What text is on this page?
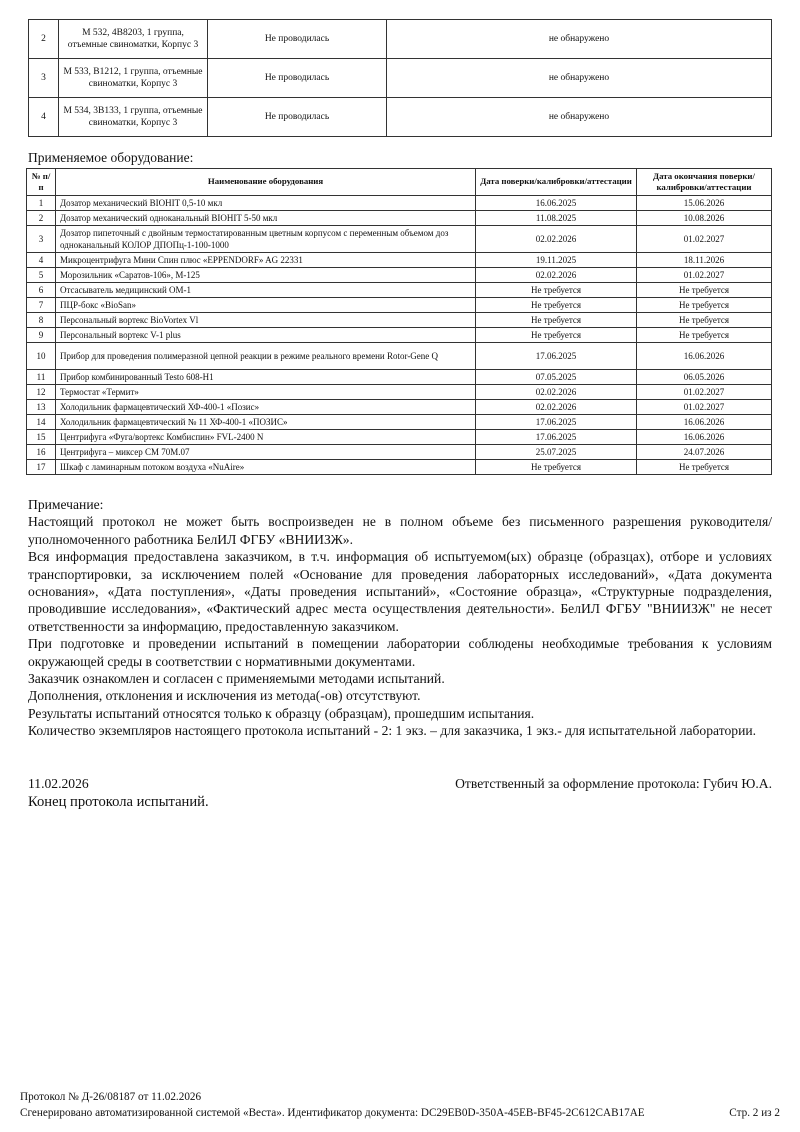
2	М 532, 4В8203, 1 группа, отъемные свиноматки, Корпус 3	Не проводилась	не обнаружено
3	М 533, В1212, 1 группа, отъемные свиноматки, Корпус 3	Не проводилась	не обнаружено
4	М 534, 3В133, 1 группа, отъемные свиноматки, Корпус 3	Не проводилась	не обнаружено
Применяемое оборудование:
№ п/п	Наименование оборудования	Дата поверки/калибровки/аттестации	Дата окончания поверки/калибровки/аттестации
1	Дозатор механический BIOHIT 0,5-10 мкл	16.06.2025	15.06.2026
2	Дозатор механический одноканальный BIOHIT 5-50 мкл	11.08.2025	10.08.2026
3	Дозатор пипеточный с двойным термостатированным цветным корпусом с переменным объемом доз одноканальный КОЛОР ДПОПц-1-100-1000	02.02.2026	01.02.2027
4	Микроцентрифуга Мини Спин плюс «EPPENDORF» AG 22331	19.11.2025	18.11.2026
5	Морозильник «Саратов-106», М-125	02.02.2026	01.02.2027
6	Отсасыватель медицинский ОМ-1	Не требуется	Не требуется
7	ПЦР-бокс «BioSan»	Не требуется	Не требуется
8	Персональный вортекс BioVortex Vl	Не требуется	Не требуется
9	Персональный вортекс V-1 plus	Не требуется	Не требуется
10	Прибор для проведения полимеразной цепной реакции в режиме реального времени Rotor-Gene Q	17.06.2025	16.06.2026
11	Прибор комбинированный Testo 608-H1	07.05.2025	06.05.2026
12	Термостат «Термит»	02.02.2026	01.02.2027
13	Холодильник фармацевтический ХФ-400-1 «Позис»	02.02.2026	01.02.2027
14	Холодильник фармацевтический № 11 ХФ-400-1 «ПОЗИС»	17.06.2025	16.06.2026
15	Центрифуга «Фуга/вортекс Комбиспин» FVL-2400 N	17.06.2025	16.06.2026
16	Центрифуга – миксер СМ 70М.07	25.07.2025	24.07.2026
17	Шкаф с ламинарным потоком воздуха «NuAire»	Не требуется	Не требуется

Примечание:

Настоящий протокол не может быть воспроизведен не в полном объеме без письменного разрешения руководителя/уполномоченного работника БелИЛ ФГБУ «ВНИИЗЖ».

Вся информация предоставлена заказчиком, в т.ч. информация об испытуемом(ых) образце (образцах), отборе и условиях транспортировки, за исключением полей «Основание для проведения лабораторных исследований», «Дата документа основания», «Дата поступления», «Даты проведения испытаний», «Состояние образца», «Структурные подразделения, проводившие исследования», «Фактический адрес места осуществления деятельности». БелИЛ ФГБУ "ВНИИЗЖ" не несет ответственности за информацию, предоставленную заказчиком.

При подготовке и проведении испытаний в помещении лаборатории соблюдены необходимые требования к условиям окружающей среды в соответствии с нормативными документами.

Заказчик ознакомлен и согласен с применяемыми методами испытаний.

Дополнения, отклонения и исключения из метода(-ов) отсутствуют.

Результаты испытаний относятся только к образцу (образцам), прошедшим испытания.

Количество экземпляров настоящего протокола испытаний - 2: 1 экз. – для заказчика, 1 экз.- для испытательной лаборатории.

11.02.2026	Ответственный за оформление протокола: Губич Ю.А.
Конец протокола испытаний.
Протокол № Д-26/08187 от 11.02.2026
Сгенерировано автоматизированной системой «Веста». Идентификатор документа: DC29EB0D-350A-45EB-BF45-2C612CAB17AE	Стр. 2 из 2
